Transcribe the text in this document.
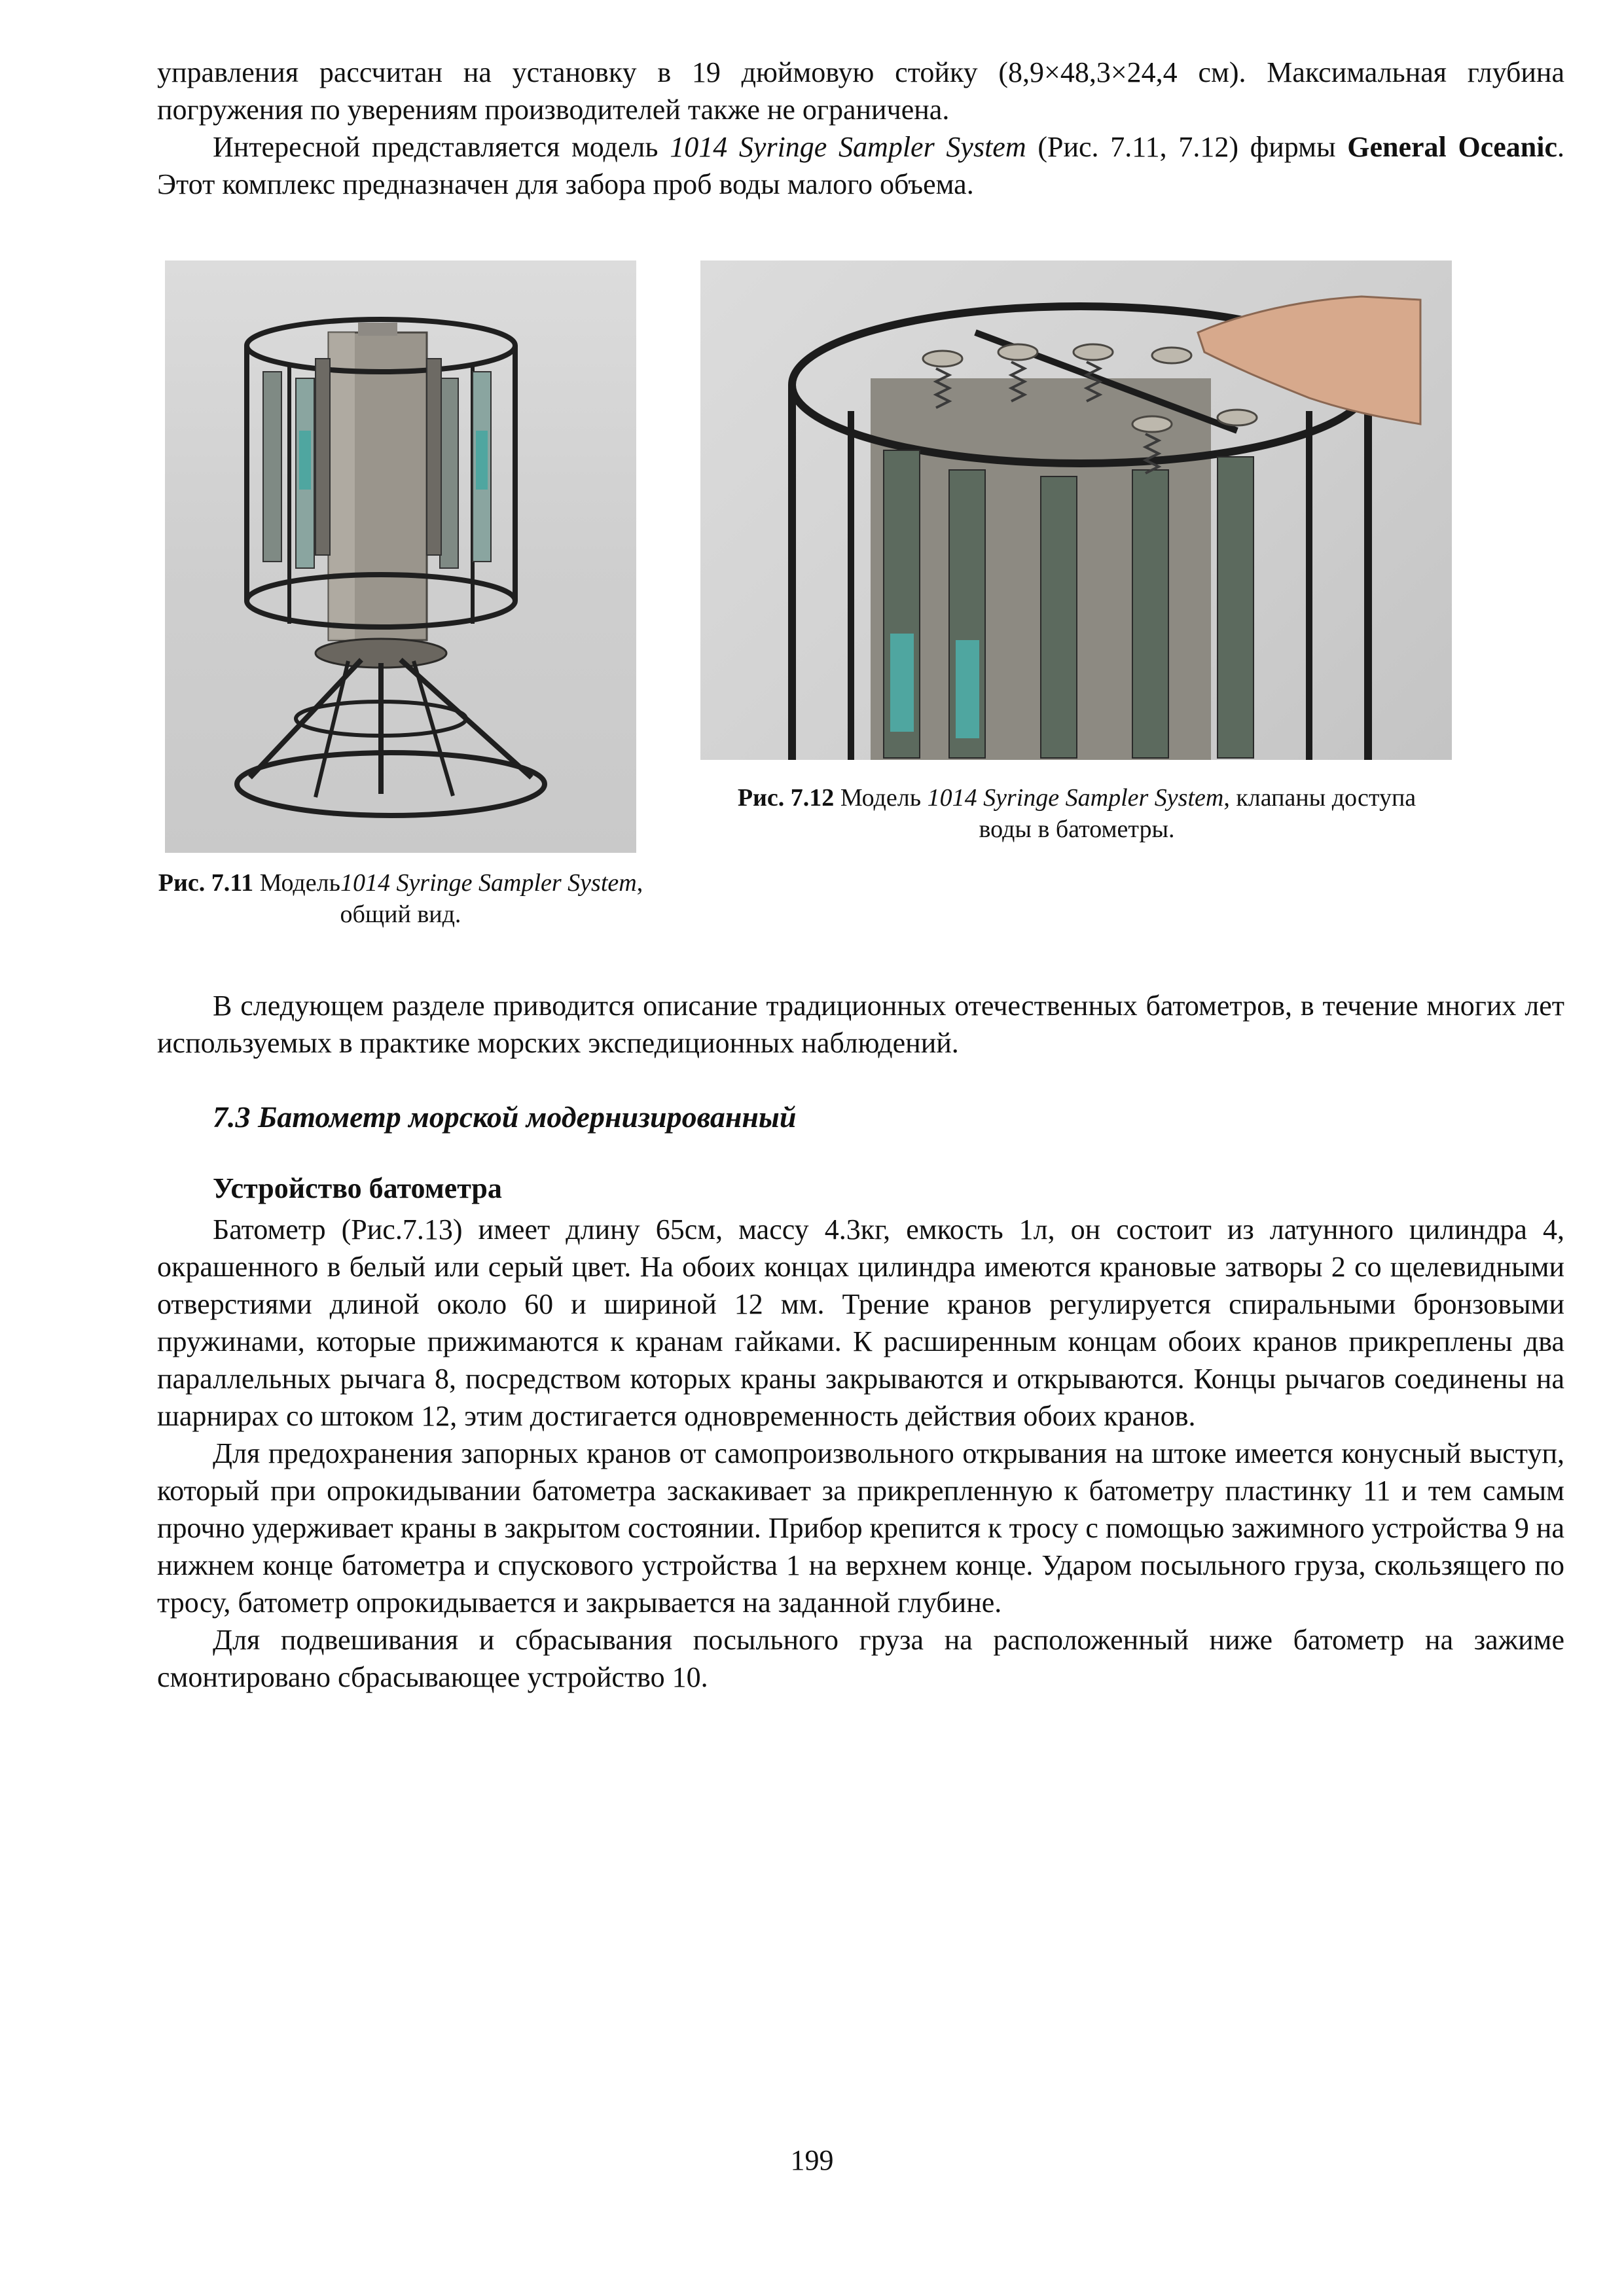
управления рассчитан на установку в 19 дюймовую стойку (8,9×48,3×24,4 см). Максимальная глубина погружения по уверениям производителей также не ограничена.

Интересной представляется модель 1014 Syringe Sampler System (Рис. 7.11, 7.12) фирмы General Oceanic. Этот комплекс предназначен для забора проб воды малого объема.

Рис. 7.12 Модель 1014 Syringe Sampler System, клапаны доступа воды в батометры.
Рис. 7.11 Модель1014 Syringe Sampler System, общий вид.

В следующем разделе приводится описание традиционных отечественных батометров, в течение многих лет используемых в практике морских экспедиционных наблюдений.

7.3 Батометр морской модернизированный
Устройство батометра

Батометр (Рис.7.13) имеет длину 65см, массу 4.3кг, емкость 1л, он состоит из латунного цилиндра 4, окрашенного в белый или серый цвет. На обоих концах цилиндра имеются крановые затворы 2 со щелевидными отверстиями длиной около 60 и шириной 12 мм. Трение кранов регулируется спиральными бронзовыми пружинами, которые прижимаются к кранам гайками. К расширенным концам обоих кранов прикреплены два параллельных рычага 8, посредством которых краны закрываются и открываются. Концы рычагов соединены на шарнирах со штоком 12, этим достигается одновременность действия обоих кранов.

Для предохранения запорных кранов от самопроизвольного открывания на штоке имеется конусный выступ, который при опрокидывании батометра заскакивает за прикрепленную к батометру пластинку 11 и тем самым прочно удерживает краны в закрытом состоянии. Прибор крепится к тросу с помощью зажимного устройства 9 на нижнем конце батометра и спускового устройства 1 на верхнем конце. Ударом посыльного груза, скользящего по тросу, батометр опрокидывается и закрывается на заданной глубине.

Для подвешивания и сбрасывания посыльного груза на расположенный ниже батометр на зажиме смонтировано сбрасывающее устройство 10.

199
